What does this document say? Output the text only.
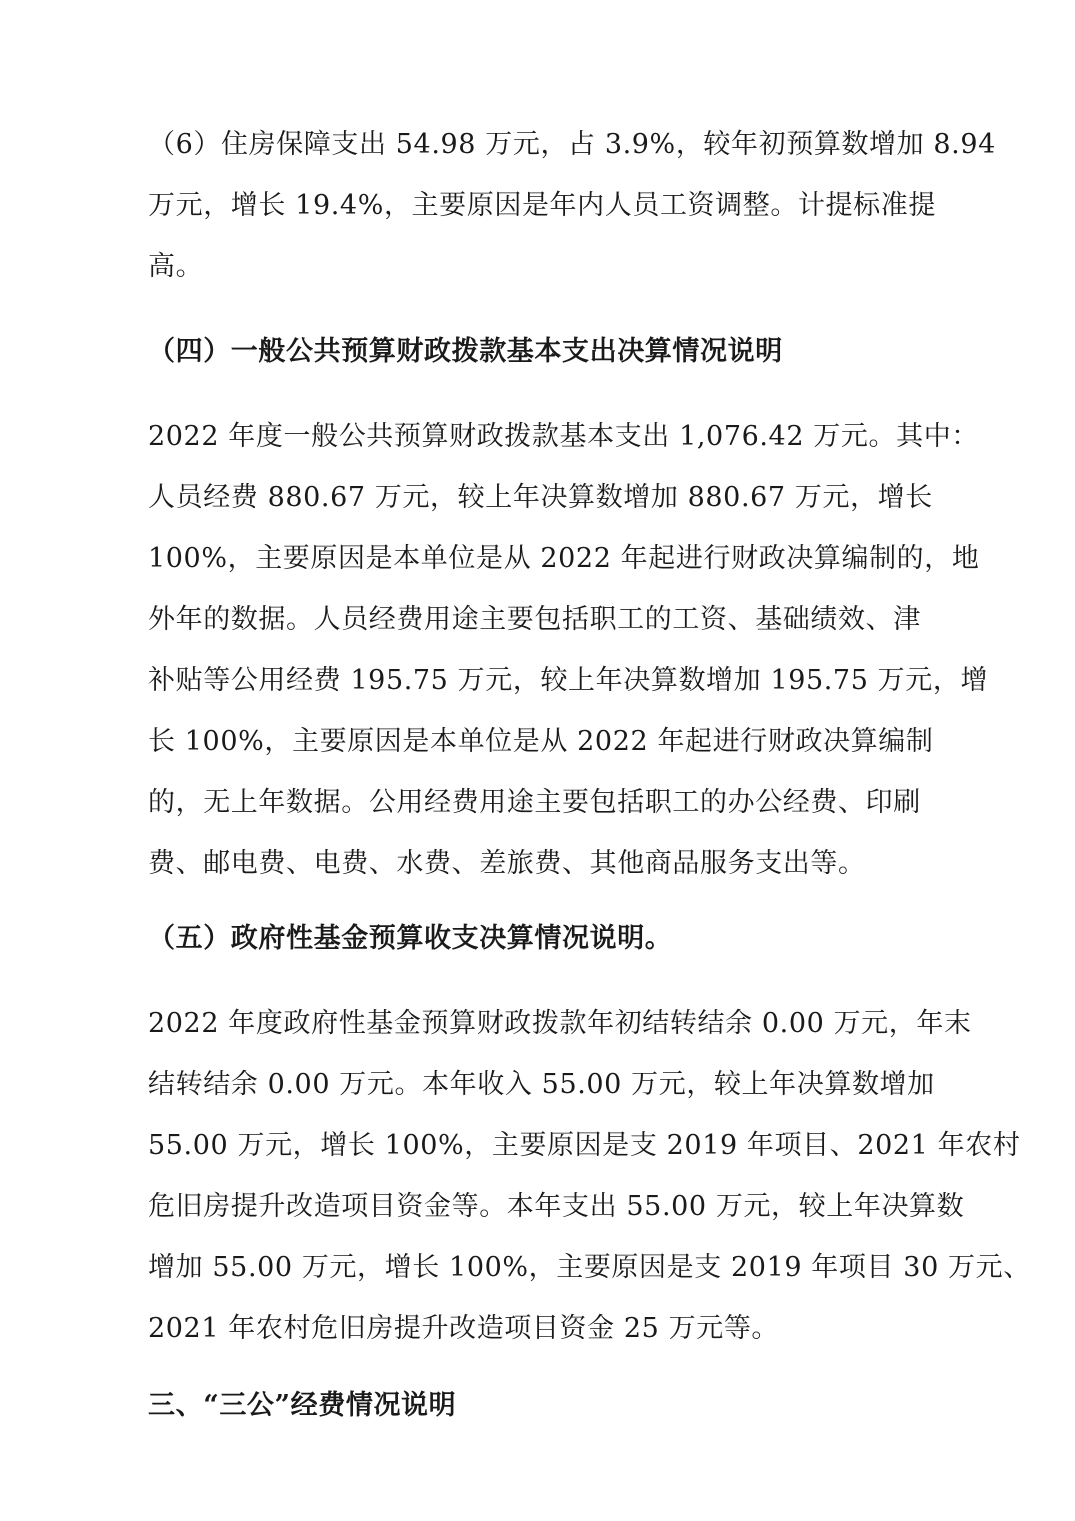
（6）住房保障支出 54.98 万元，占 3.9%，较年初预算数增加 8.94
万元，增长 19.4%，主要原因是年内人员工资调整。计提标准提
高。
（四）一般公共预算财政拨款基本支出决算情况说明
2022 年度一般公共预算财政拨款基本支出 1,076.42 万元。其中：
人员经费 880.67 万元，较上年决算数增加 880.67 万元，增长
100%，主要原因是本单位是从 2022 年起进行财政决算编制的，地
外年的数据。人员经费用途主要包括职工的工资、基础绩效、津
补贴等公用经费 195.75 万元，较上年决算数增加 195.75 万元，增
长 100%，主要原因是本单位是从 2022 年起进行财政决算编制
的，无上年数据。公用经费用途主要包括职工的办公经费、印刷
费、邮电费、电费、水费、差旅费、其他商品服务支出等。
（五）政府性基金预算收支决算情况说明。
2022 年度政府性基金预算财政拨款年初结转结余 0.00 万元，年末
结转结余 0.00 万元。本年收入 55.00 万元，较上年决算数增加
55.00 万元，增长 100%，主要原因是支 2019 年项目、2021 年农村
危旧房提升改造项目资金等。本年支出 55.00 万元，较上年决算数
增加 55.00 万元，增长 100%，主要原因是支 2019 年项目 30 万元、
2021 年农村危旧房提升改造项目资金 25 万元等。
三、“三公”经费情况说明
